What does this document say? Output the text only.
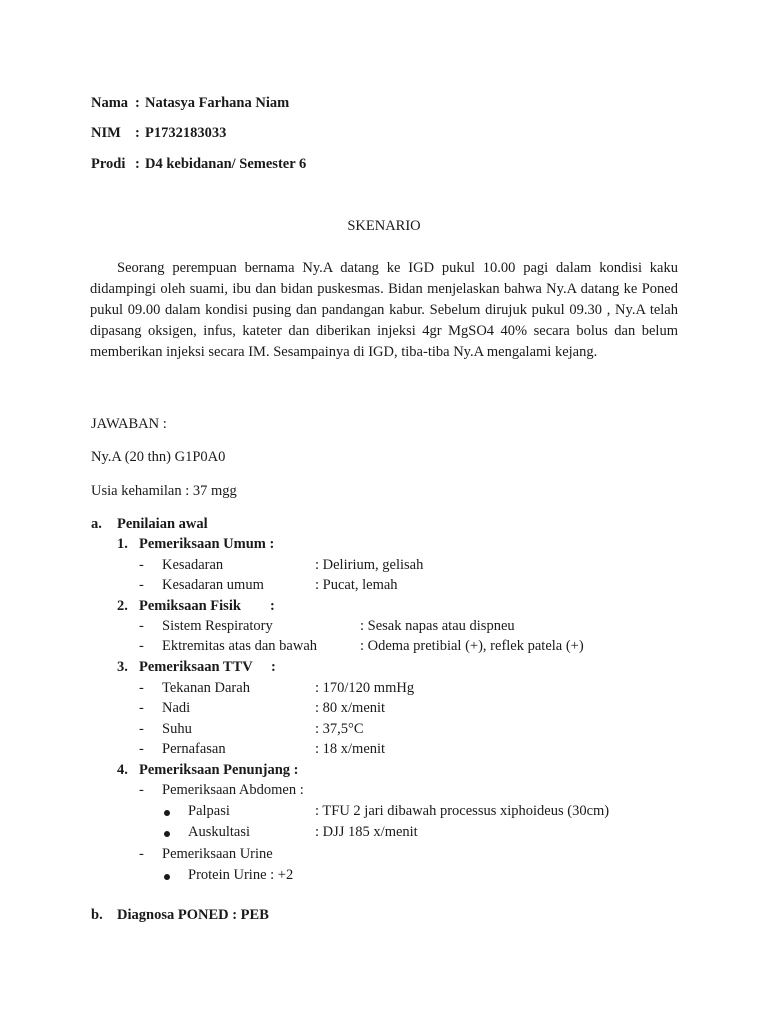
Nama : Natasya Farhana Niam
NIM : P1732183033
Prodi : D4 kebidanan/ Semester 6
SKENARIO
Seorang perempuan bernama Ny.A datang ke IGD pukul 10.00 pagi dalam kondisi kaku didampingi oleh suami, ibu dan bidan puskesmas. Bidan menjelaskan bahwa Ny.A datang ke Poned pukul 09.00 dalam kondisi pusing dan pandangan kabur. Sebelum dirujuk pukul 09.30 , Ny.A telah dipasang oksigen, infus, kateter dan diberikan injeksi 4gr MgSO4 40% secara bolus dan belum memberikan injeksi secara IM. Sesampainya di IGD, tiba-tiba Ny.A mengalami kejang.
JAWABAN :
Ny.A (20 thn) G1P0A0
Usia kehamilan : 37 mgg
a. Penilaian awal
1. Pemeriksaan Umum :
- Kesadaran	: Delirium, gelisah
- Kesadaran umum	: Pucat, lemah
2. Pemiksaan Fisik :
- Sistem Respiratory	: Sesak napas atau dispneu
- Ektremitas atas dan bawah	: Odema pretibial (+), reflek patela (+)
3. Pemeriksaan TTV :
- Tekanan Darah	: 170/120 mmHg
- Nadi	: 80 x/menit
- Suhu	: 37,5°C
- Pernafasan	: 18 x/menit
4. Pemeriksaan Penunjang :
- Pemeriksaan Abdomen :
Palpasi	: TFU 2 jari dibawah processus xiphoideus (30cm)
Auskultasi	: DJJ 185 x/menit
- Pemeriksaan Urine
Protein Urine : +2
b. Diagnosa PONED : PEB
